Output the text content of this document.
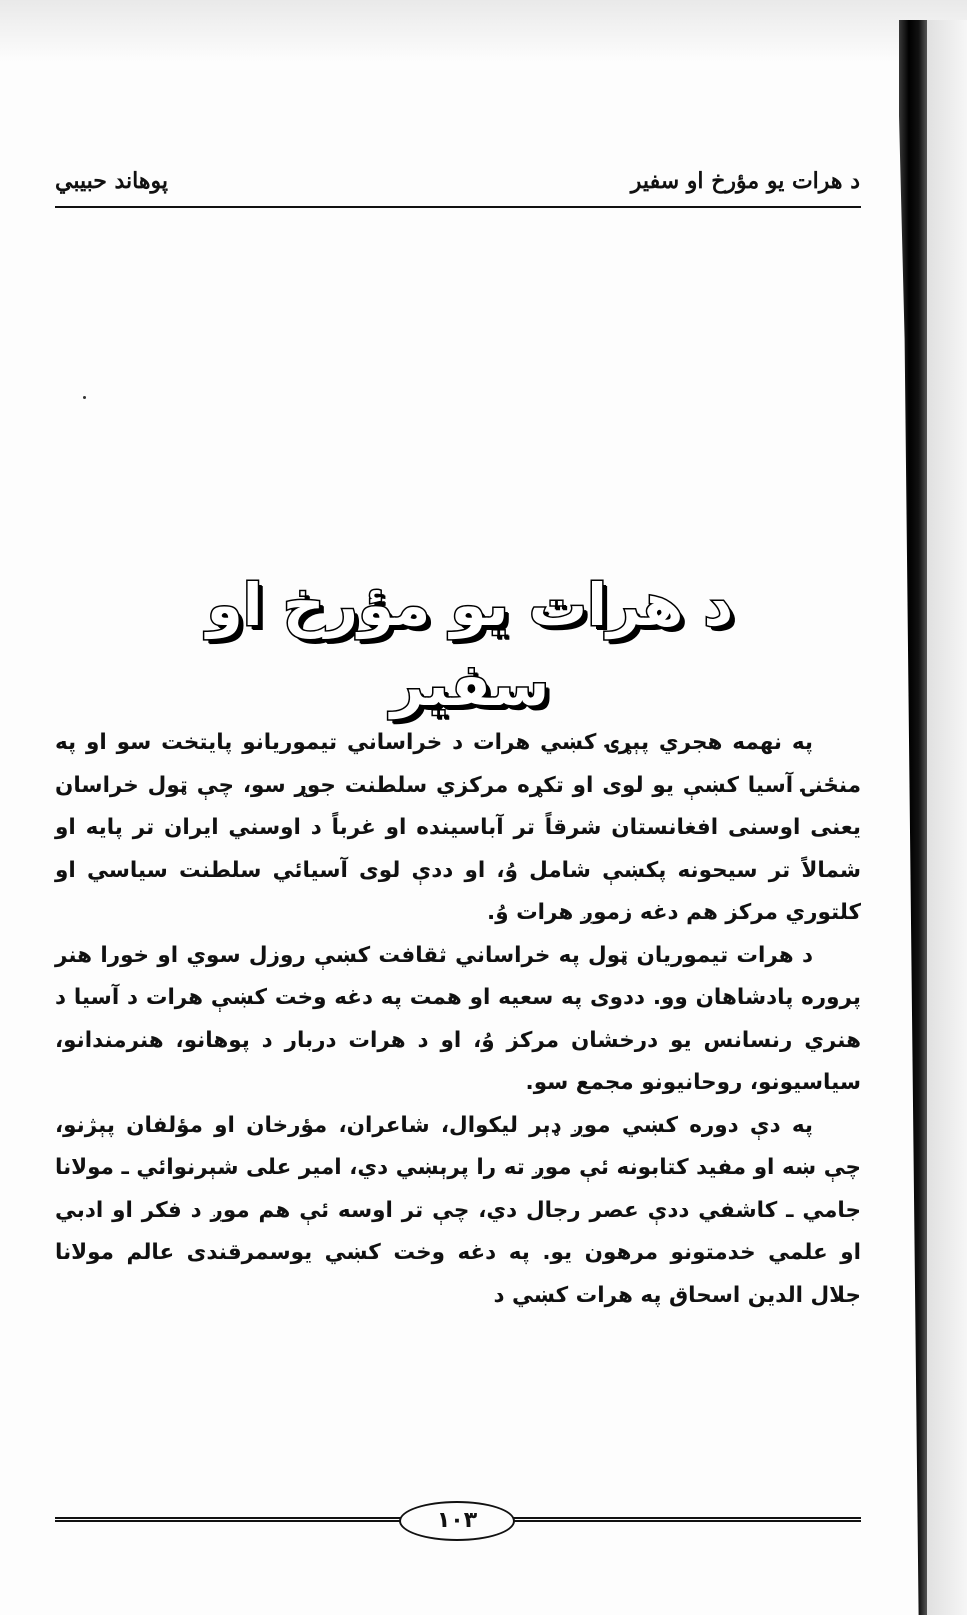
د هرات یو مؤرخ او سفیر
پوهاند حبیبي
د هرات یو مؤرخ او سفیر

په نهمه هجري پېړۍ کښي هرات د خراساني تیموریانو پایتخت سو او په منځنۍ آسیا کښې یو لوی او تکړه مرکزي سلطنت جوړ سو، چې ټول خراسان یعنی اوسنی افغانستان شرقاً تر آباسینده او غرباً د اوسني ایران تر پایه او شمالاً تر سیحونه پکښې شامل وُ، او ددې لوی آسیائي سلطنت سیاسي او کلتوري مرکز هم دغه زموږ هرات وُ.

د هرات تیموریان ټول په خراساني ثقافت کښې روزل سوي او خورا هنر پروره پادشاهان وو. ددوی په سعیه او همت په دغه وخت کښې هرات د آسیا د هنري رنسانس یو درخشان مرکز وُ، او د هرات دربار د پوهانو، هنرمندانو، سیاسیونو، روحانیونو مجمع سو.

په دې دوره کښي موږ ډېر لیکوال، شاعران، مؤرخان او مؤلفان پېژنو، چې ښه او مفید کتابونه ئې موږ ته را پرېښي دي، امیر علی شېرنوائي ـ مولانا جامي ـ کاشفي ددې عصر رجال دي، چې تر اوسه ئې هم موږ د فکر او ادبي او علمي خدمتونو مرهون یو. په دغه وخت کښي یوسمرقندی عالم مولانا جلال الدین اسحاق په هرات کښي د

۱۰۳
